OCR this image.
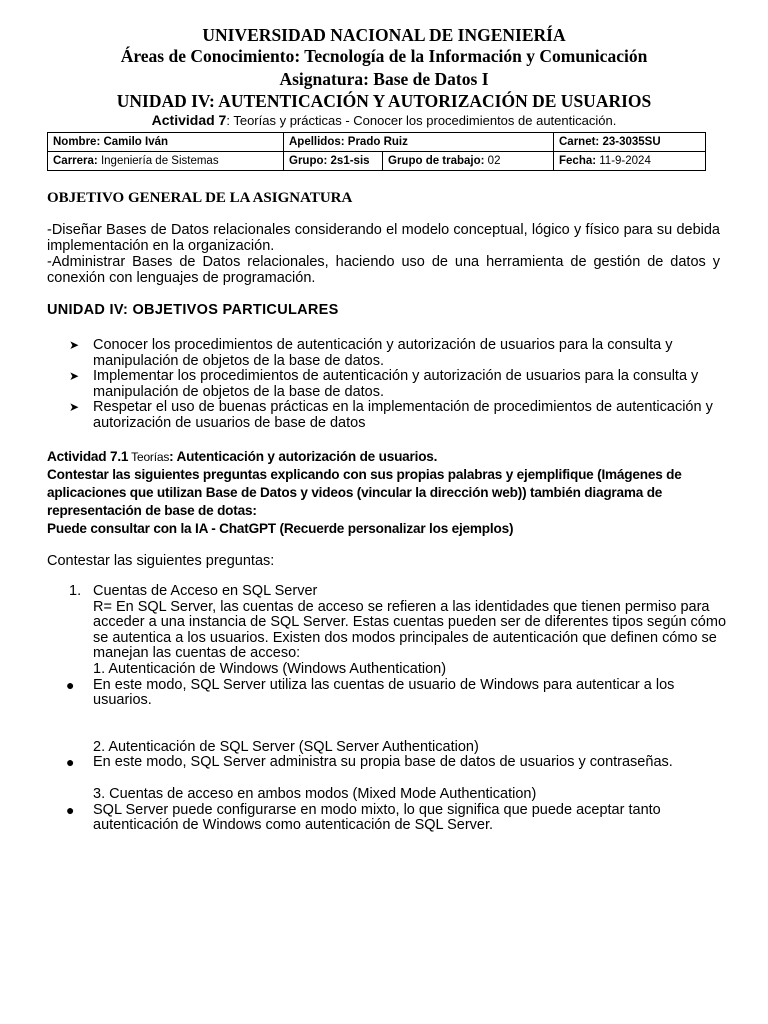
UNIVERSIDAD NACIONAL DE INGENIERÍA
Áreas de Conocimiento: Tecnología de la Información y Comunicación
Asignatura: Base de Datos I
UNIDAD IV: AUTENTICACIÓN Y AUTORIZACIÓN DE USUARIOS
Actividad 7: Teorías y prácticas - Conocer los procedimientos de autenticación.
Nombre: Camilo Iván	Apellidos: Prado Ruiz		Carnet: 23-3035SU
Carrera: Ingeniería de Sistemas	Grupo: 2s1-sis	Grupo de trabajo: 02	Fecha: 11-9-2024
OBJETIVO GENERAL DE LA ASIGNATURA
-Diseñar Bases de Datos relacionales considerando el modelo conceptual, lógico y físico para su debida implementación en la organización.
-Administrar Bases de Datos relacionales, haciendo uso de una herramienta de gestión de datos y conexión con lenguajes de programación.
UNIDAD IV: OBJETIVOS PARTICULARES
➤ Conocer los procedimientos de autenticación y autorización de usuarios para la consulta y manipulación de objetos de la base de datos.
➤ Implementar los procedimientos de autenticación y autorización de usuarios para la consulta y manipulación de objetos de la base de datos.
➤ Respetar el uso de buenas prácticas en la implementación de procedimientos de autenticación y autorización de usuarios de base de datos
Actividad 7.1 Teorías: Autenticación y autorización de usuarios.
Contestar las siguientes preguntas explicando con sus propias palabras y ejemplifique (Imágenes de aplicaciones que utilizan Base de Datos y videos (vincular la dirección web)) también diagrama de representación de base de dotas:
Puede consultar con la IA - ChatGPT (Recuerde personalizar los ejemplos)
Contestar las siguientes preguntas:
1. Cuentas de Acceso en SQL Server
R= En SQL Server, las cuentas de acceso se refieren a las identidades que tienen permiso para acceder a una instancia de SQL Server. Estas cuentas pueden ser de diferentes tipos según cómo se autentica a los usuarios. Existen dos modos principales de autenticación que definen cómo se manejan las cuentas de acceso:
1. Autenticación de Windows (Windows Authentication)
● En este modo, SQL Server utiliza las cuentas de usuario de Windows para autenticar a los usuarios.
2. Autenticación de SQL Server (SQL Server Authentication)
● En este modo, SQL Server administra su propia base de datos de usuarios y contraseñas.
3. Cuentas de acceso en ambos modos (Mixed Mode Authentication)
● SQL Server puede configurarse en modo mixto, lo que significa que puede aceptar tanto autenticación de Windows como autenticación de SQL Server.
